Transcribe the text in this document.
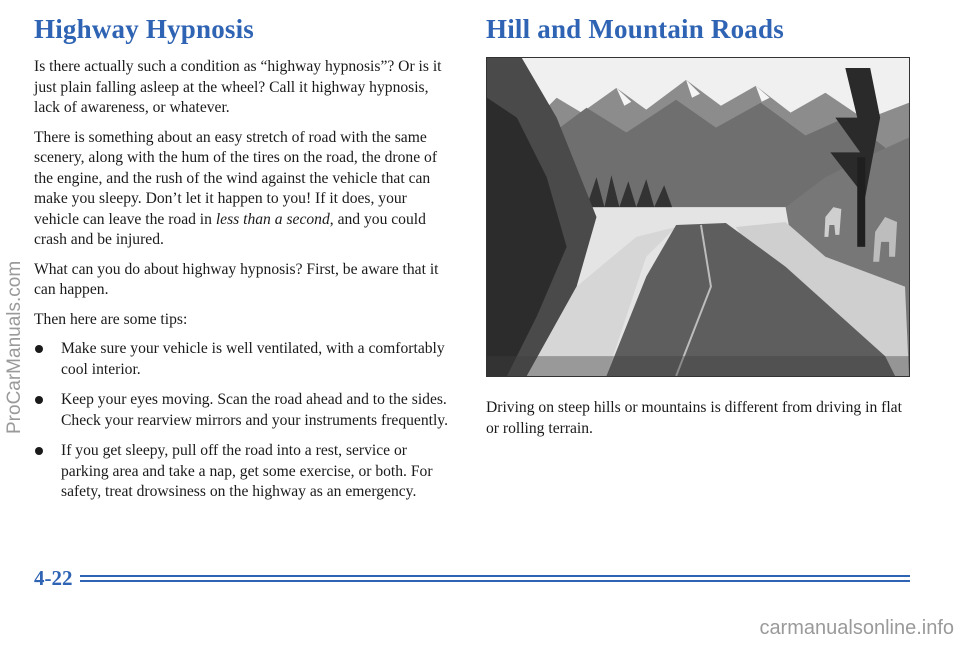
Highway Hypnosis

Is there actually such a condition as “highway hypnosis”? Or is it just plain falling asleep at the wheel? Call it highway hypnosis, lack of awareness, or whatever.

There is something about an easy stretch of road with the same scenery, along with the hum of the tires on the road, the drone of the engine, and the rush of the wind against the vehicle that can make you sleepy. Don’t let it happen to you! If it does, your vehicle can leave the road in less than a second, and you could crash and be injured.

What can you do about highway hypnosis? First, be aware that it can happen.

Then here are some tips:

Make sure your vehicle is well ventilated, with a comfortably cool interior.
Keep your eyes moving. Scan the road ahead and to the sides. Check your rearview mirrors and your instruments frequently.
If you get sleepy, pull off the road into a rest, service or parking area and take a nap, get some exercise, or both. For safety, treat drowsiness on the highway as an emergency.
Hill and Mountain Roads

Driving on steep hills or mountains is different from driving in flat or rolling terrain.

4-22
ProCarManuals.com
carmanualsonline.info
